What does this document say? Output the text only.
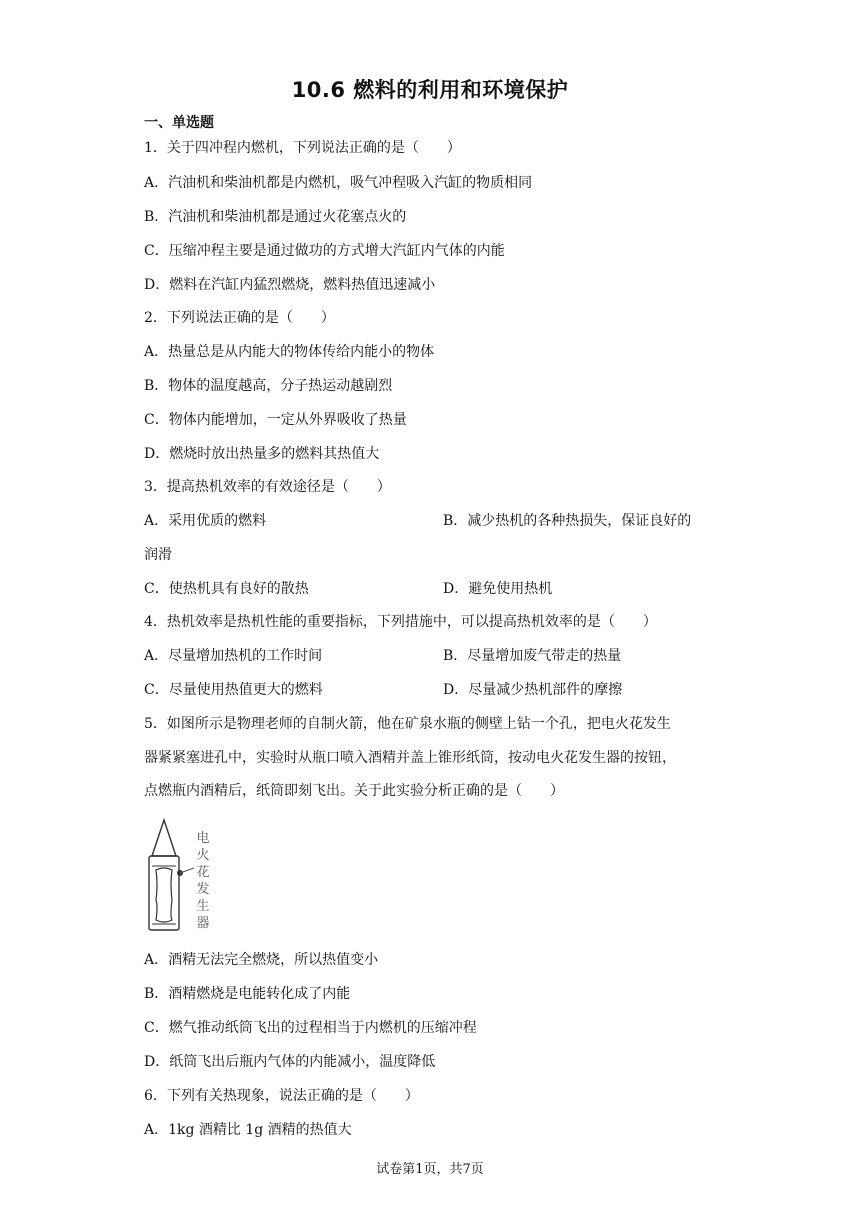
10.6 燃料的利用和环境保护
一、单选题
1．关于四冲程内燃机，下列说法正确的是（　　）
A．汽油机和柴油机都是内燃机，吸气冲程吸入汽缸的物质相同
B．汽油机和柴油机都是通过火花塞点火的
C．压缩冲程主要是通过做功的方式增大汽缸内气体的内能
D．燃料在汽缸内猛烈燃烧，燃料热值迅速减小
2．下列说法正确的是（　　）
A．热量总是从内能大的物体传给内能小的物体
B．物体的温度越高，分子热运动越剧烈
C．物体内能增加，一定从外界吸收了热量
D．燃烧时放出热量多的燃料其热值大
3．提高热机效率的有效途径是（　　）
A．采用优质的燃料	B．减少热机的各种热损失，保证良好的
润滑
C．使热机具有良好的散热	D．避免使用热机
4．热机效率是热机性能的重要指标，下列措施中，可以提高热机效率的是（　　）
A．尽量增加热机的工作时间	B．尽量增加废气带走的热量
C．尽量使用热值更大的燃料	D．尽量减少热机部件的摩擦
5．如图所示是物理老师的自制火箭，他在矿泉水瓶的侧壁上钻一个孔，把电火花发生
器紧紧塞进孔中，实验时从瓶口喷入酒精并盖上锥形纸筒，按动电火花发生器的按钮，
点燃瓶内酒精后，纸筒即刻飞出。关于此实验分析正确的是（　　）
电
火
花
发
生
器
A．酒精无法完全燃烧，所以热值变小
B．酒精燃烧是电能转化成了内能
C．燃气推动纸筒飞出的过程相当于内燃机的压缩冲程
D．纸筒飞出后瓶内气体的内能减小，温度降低
6．下列有关热现象，说法正确的是（　　）
A．1kg 酒精比 1g 酒精的热值大
试卷第1页，共7页
